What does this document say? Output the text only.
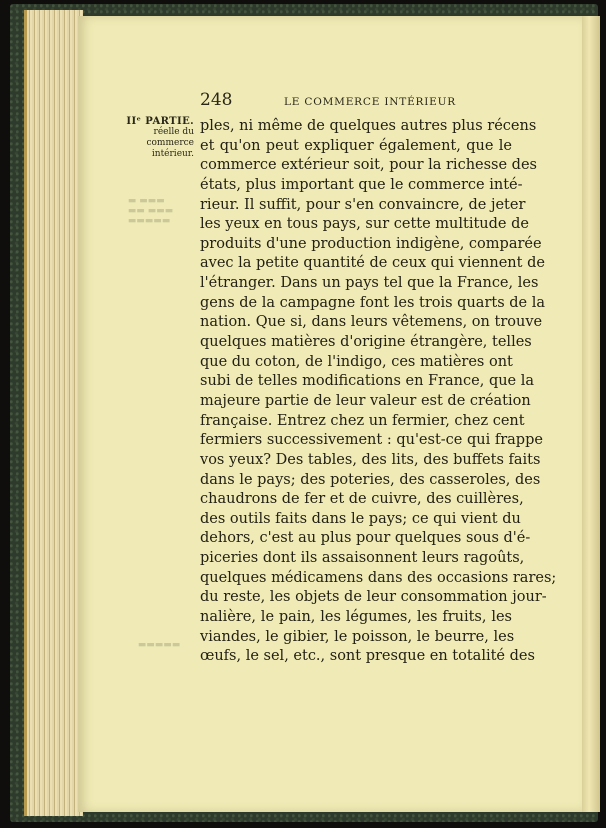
▬▬▬ ▬
▬▬▬ ▬▬
▬▬▬▬▬
▬▬▬▬▬
248	LE COMMERCE INTÉRIEUR
IIᵉ PARTIE.
réelle du
commerce
intérieur.
ples, ni même de quelques autres plus récens
et qu'on peut expliquer également, que le
commerce extérieur soit, pour la richesse des
états, plus important que le commerce inté-
rieur. Il suffit, pour s'en convaincre, de jeter
les yeux en tous pays, sur cette multitude de
produits d'une production indigène, comparée
avec la petite quantité de ceux qui viennent de
l'étranger. Dans un pays tel que la France, les
gens de la campagne font les trois quarts de la
nation. Que si, dans leurs vêtemens, on trouve
quelques matières d'origine étrangère, telles
que du coton, de l'indigo, ces matières ont
subi de telles modifications en France, que la
majeure partie de leur valeur est de création
française. Entrez chez un fermier, chez cent
fermiers successivement : qu'est-ce qui frappe
vos yeux? Des tables, des lits, des buffets faits
dans le pays; des poteries, des casseroles, des
chaudrons de fer et de cuivre, des cuillères,
des outils faits dans le pays; ce qui vient du
dehors, c'est au plus pour quelques sous d'é-
piceries dont ils assaisonnent leurs ragoûts,
quelques médicamens dans des occasions rares;
du reste, les objets de leur consommation jour-
nalière, le pain, les légumes, les fruits, les
viandes, le gibier, le poisson, le beurre, les
œufs, le sel, etc., sont presque en totalité des
